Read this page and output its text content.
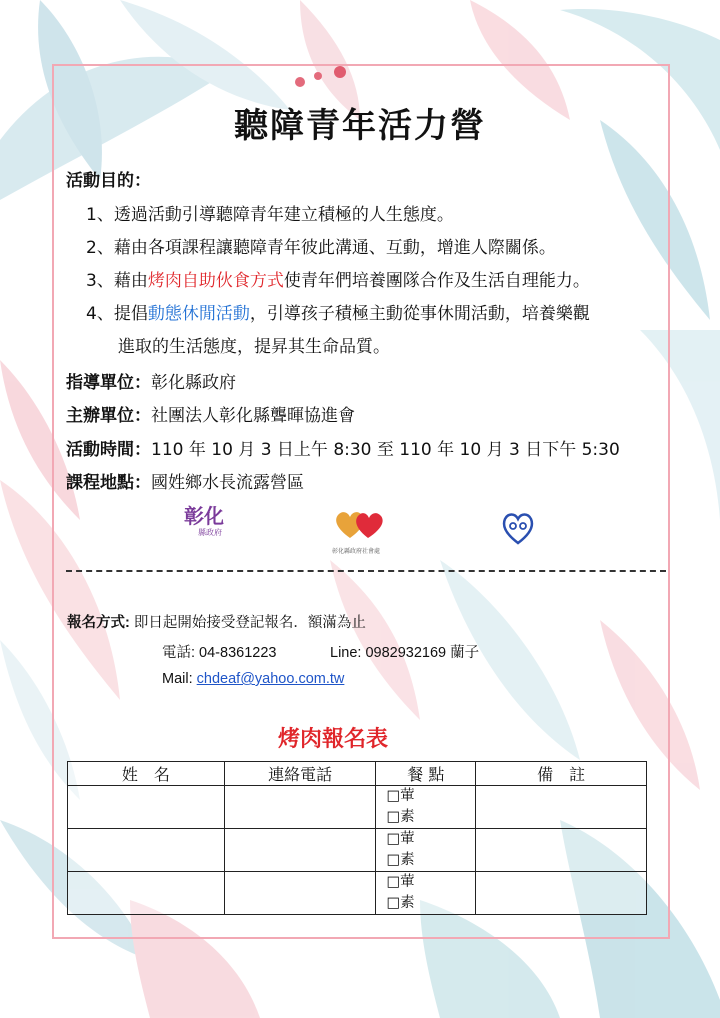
聽障青年活力營
活動目的：
1、透過活動引導聽障青年建立積極的人生態度。
2、藉由各項課程讓聽障青年彼此溝通、互動，增進人際關係。
3、藉由烤肉自助伙食方式使青年們培養團隊合作及生活自理能力。
4、提倡動態休閒活動，引導孩子積極主動從事休閒活動，培養樂觀
進取的生活態度，提昇其生命品質。
指導單位：彰化縣政府
主辦單位：社團法人彰化縣聾暉協進會
活動時間：110 年 10 月 3 日上午 8:30 至 110 年 10 月 3 日下午 5:30
課程地點：國姓鄉水長流露營區
彰化
縣政府
彰化縣政府社會處
報名方式: 即日起開始接受登記報名．額滿為止
電話: 04-8361223	Line: 0982932169 蘭子
Mail: chdeaf@yahoo.com.tw
烤肉報名表
姓　名	連絡電話	餐 點	備　註

		□葷
□素	

		□葷
□素	

		□葷
□素	
